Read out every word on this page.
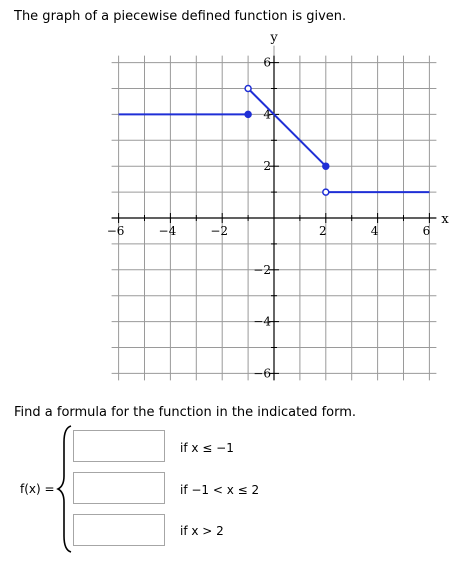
The graph of a piecewise defined function is given.
−6	−4	−2	2	4	6
−6
−4
−2
2
4
6
x
y
Find a formula for the function in the indicated form.
f(x) =
if x ≤ −1
if −1 < x ≤ 2
if x > 2
